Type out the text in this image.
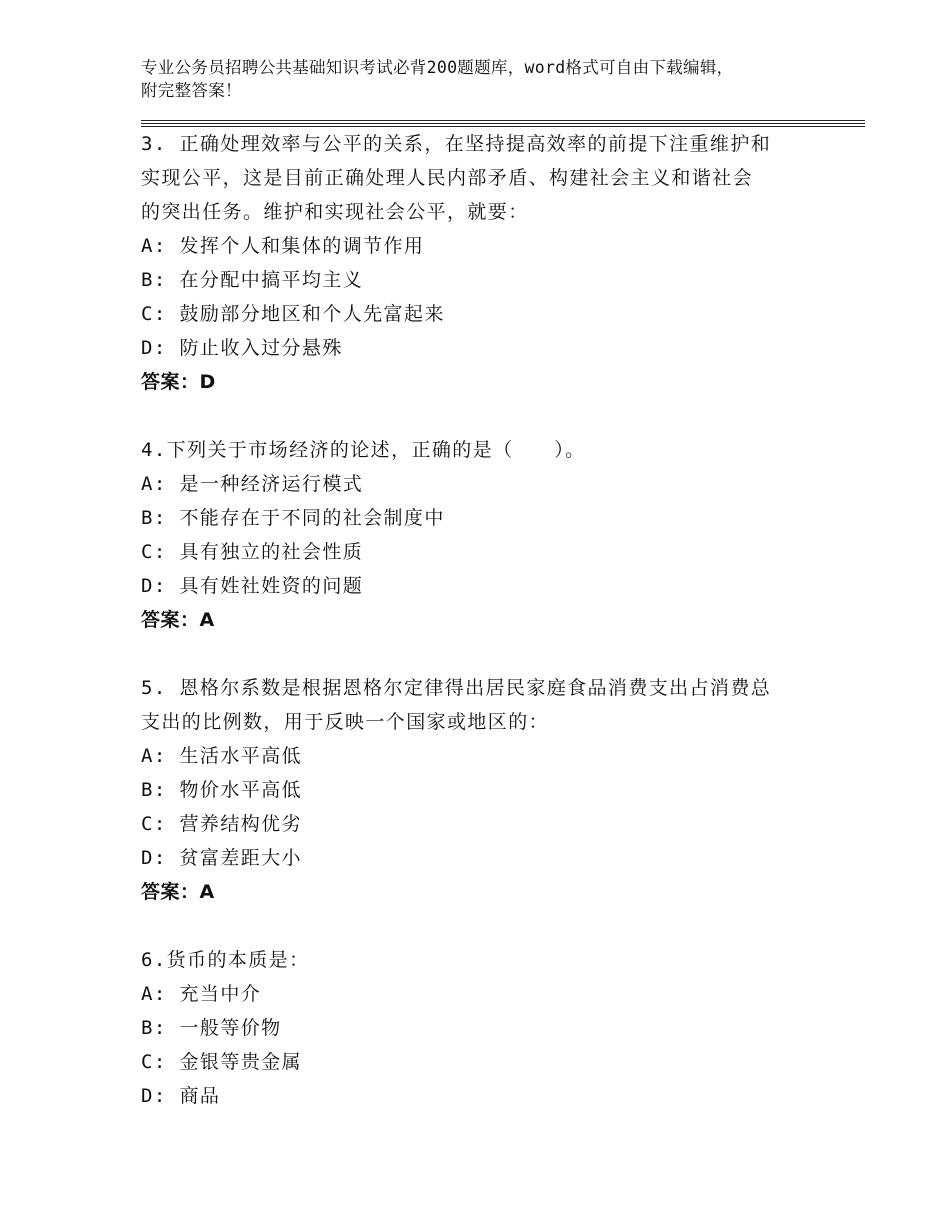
专业公务员招聘公共基础知识考试必背200题题库，word格式可自由下载编辑，
附完整答案！
3. 正确处理效率与公平的关系，在坚持提高效率的前提下注重维护和
实现公平，这是目前正确处理人民内部矛盾、构建社会主义和谐社会
的突出任务。维护和实现社会公平，就要：
A: 发挥个人和集体的调节作用
B: 在分配中搞平均主义
C: 鼓励部分地区和个人先富起来
D: 防止收入过分悬殊
答案：D
4.下列关于市场经济的论述，正确的是（　　）。
A: 是一种经济运行模式
B: 不能存在于不同的社会制度中
C: 具有独立的社会性质
D: 具有姓社姓资的问题
答案：A
5. 恩格尔系数是根据恩格尔定律得出居民家庭食品消费支出占消费总
支出的比例数，用于反映一个国家或地区的：
A: 生活水平高低
B: 物价水平高低
C: 营养结构优劣
D: 贫富差距大小
答案：A
6.货币的本质是：
A: 充当中介
B: 一般等价物
C: 金银等贵金属
D: 商品
